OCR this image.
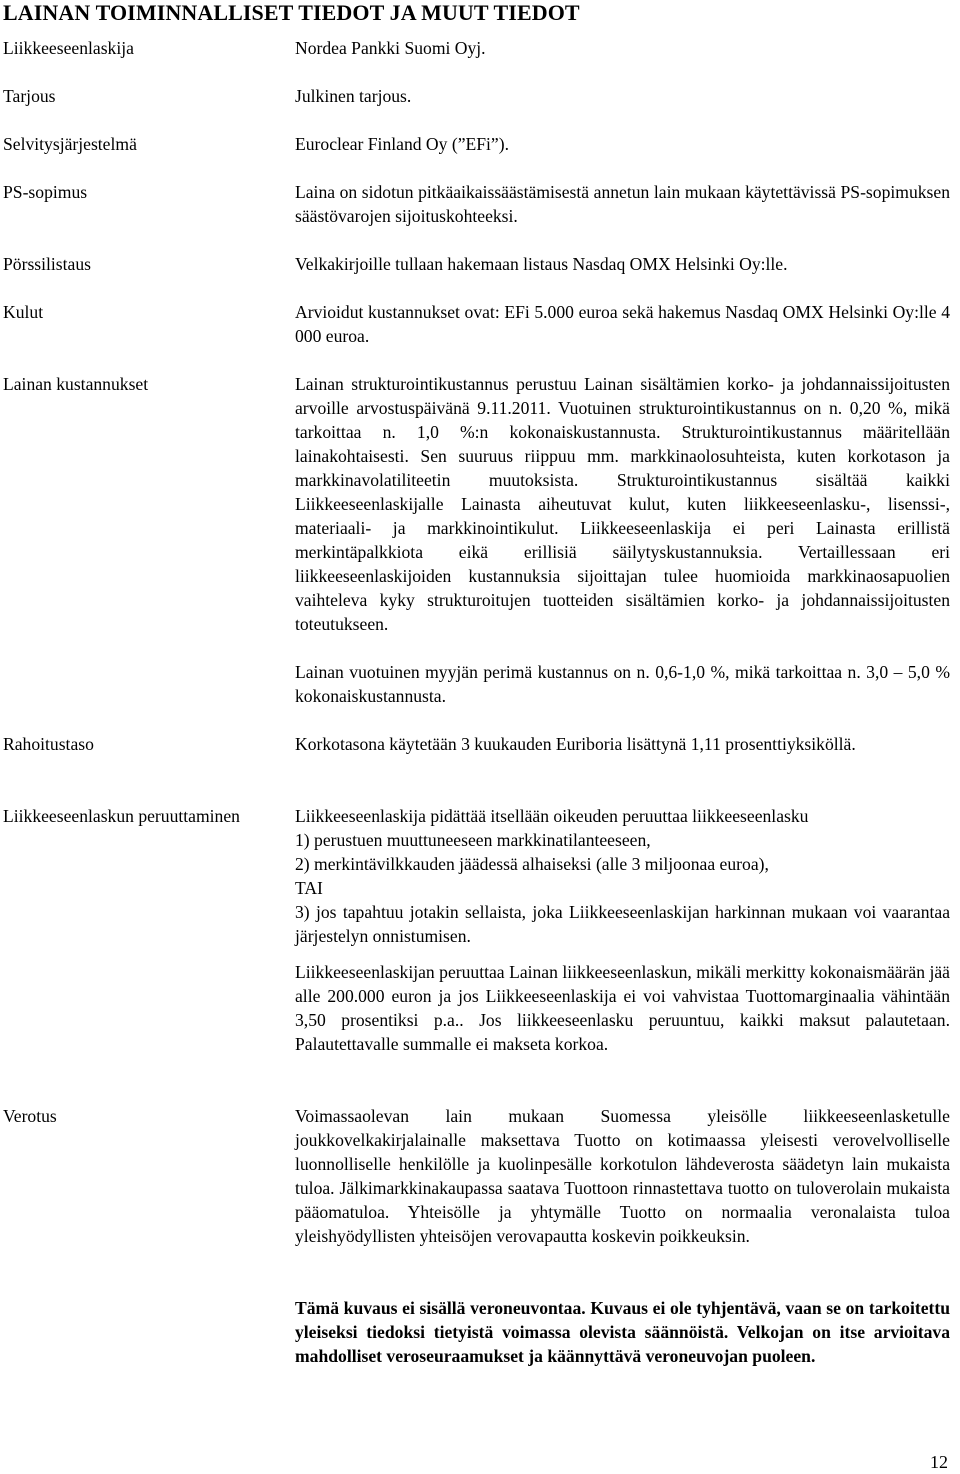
LAINAN TOIMINNALLISET TIEDOT JA MUUT TIEDOT
Liikkeeseenlaskija	Nordea Pankki Suomi Oyj.
Tarjous	Julkinen tarjous.
Selvitysjärjestelmä	Euroclear Finland Oy (”EFi”).
PS-sopimus	Laina on sidotun pitkäaikaissäästämisestä annetun lain mukaan käytettävissä PS-sopimuksen säästövarojen sijoituskohteeksi.
Pörssilistaus	Velkakirjoille tullaan hakemaan listaus Nasdaq OMX Helsinki Oy:lle.
Kulut	Arvioidut kustannukset ovat: EFi 5.000 euroa sekä hakemus Nasdaq OMX Helsinki Oy:lle 4 000 euroa.
Lainan kustannukset	Lainan strukturointikustannus perustuu Lainan sisältämien korko- ja johdannaissijoitusten arvoille arvostuspäivänä 9.11.2011. Vuotuinen strukturointikustannus on n. 0,20 %, mikä tarkoittaa n. 1,0 %:n kokonaiskustannusta. Strukturointikustannus määritellään lainakohtaisesti. Sen suuruus riippuu mm. markkinaolosuhteista, kuten korkotason ja markkinavolatiliteetin muutoksista. Strukturointikustannus sisältää kaikki Liikkeeseenlaskijalle Lainasta aiheutuvat kulut, kuten liikkeeseenlasku-, lisenssi-, materiaali- ja markkinointikulut. Liikkeeseenlaskija ei peri Lainasta erillistä merkintäpalkkiota eikä erillisiä säilytyskustannuksia. Vertaillessaan eri liikkeeseenlaskijoiden kustannuksia sijoittajan tulee huomioida markkinaosapuolien vaihteleva kyky strukturoitujen tuotteiden sisältämien korko- ja johdannaissijoitusten toteutukseen.
Lainan vuotuinen myyjän perimä kustannus on n. 0,6-1,0 %, mikä tarkoittaa n. 3,0 – 5,0 % kokonaiskustannusta.
Rahoitustaso	Korkotasona käytetään 3 kuukauden Euriboria lisättynä 1,11 prosenttiyksiköllä.
Liikkeeseenlaskun peruuttaminen	Liikkeeseenlaskija pidättää itsellään oikeuden peruuttaa liikkeeseenlasku
1) perustuen muuttuneeseen markkinatilanteeseen,
2) merkintävilkkauden jäädessä alhaiseksi (alle 3 miljoonaa euroa),
TAI
3) jos tapahtuu jotakin sellaista, joka Liikkeeseenlaskijan harkinnan mukaan voi vaarantaa järjestelyn onnistumisen.
Liikkeeseenlaskijan peruuttaa Lainan liikkeeseenlaskun, mikäli merkitty kokonaismäärän jää alle 200.000 euron ja jos Liikkeeseenlaskija ei voi vahvistaa Tuottomarginaalia vähintään 3,50 prosentiksi p.a.. Jos liikkeeseenlasku peruuntuu, kaikki maksut palautetaan. Palautettavalle summalle ei makseta korkoa.
Verotus	Voimassaolevan lain mukaan Suomessa yleisölle liikkeeseenlasketulle joukkovelkakirjalainalle maksettava Tuotto on kotimaassa yleisesti verovelvolliselle luonnolliselle henkilölle ja kuolinpesälle korkotulon lähdeverosta säädetyn lain mukaista tuloa. Jälkimarkkinakaupassa saatava Tuottoon rinnastettava tuotto on tuloverolain mukaista pääomatuloa. Yhteisölle ja yhtymälle Tuotto on normaalia veronalaista tuloa yleishyödyllisten yhteisöjen verovapautta koskevin poikkeuksin.
Tämä kuvaus ei sisällä veroneuvontaa. Kuvaus ei ole tyhjentävä, vaan se on tarkoitettu yleiseksi tiedoksi tietyistä voimassa olevista säännöistä. Velkojan on itse arvioitava mahdolliset veroseuraamukset ja käännyttävä veroneuvojan puoleen.
12
